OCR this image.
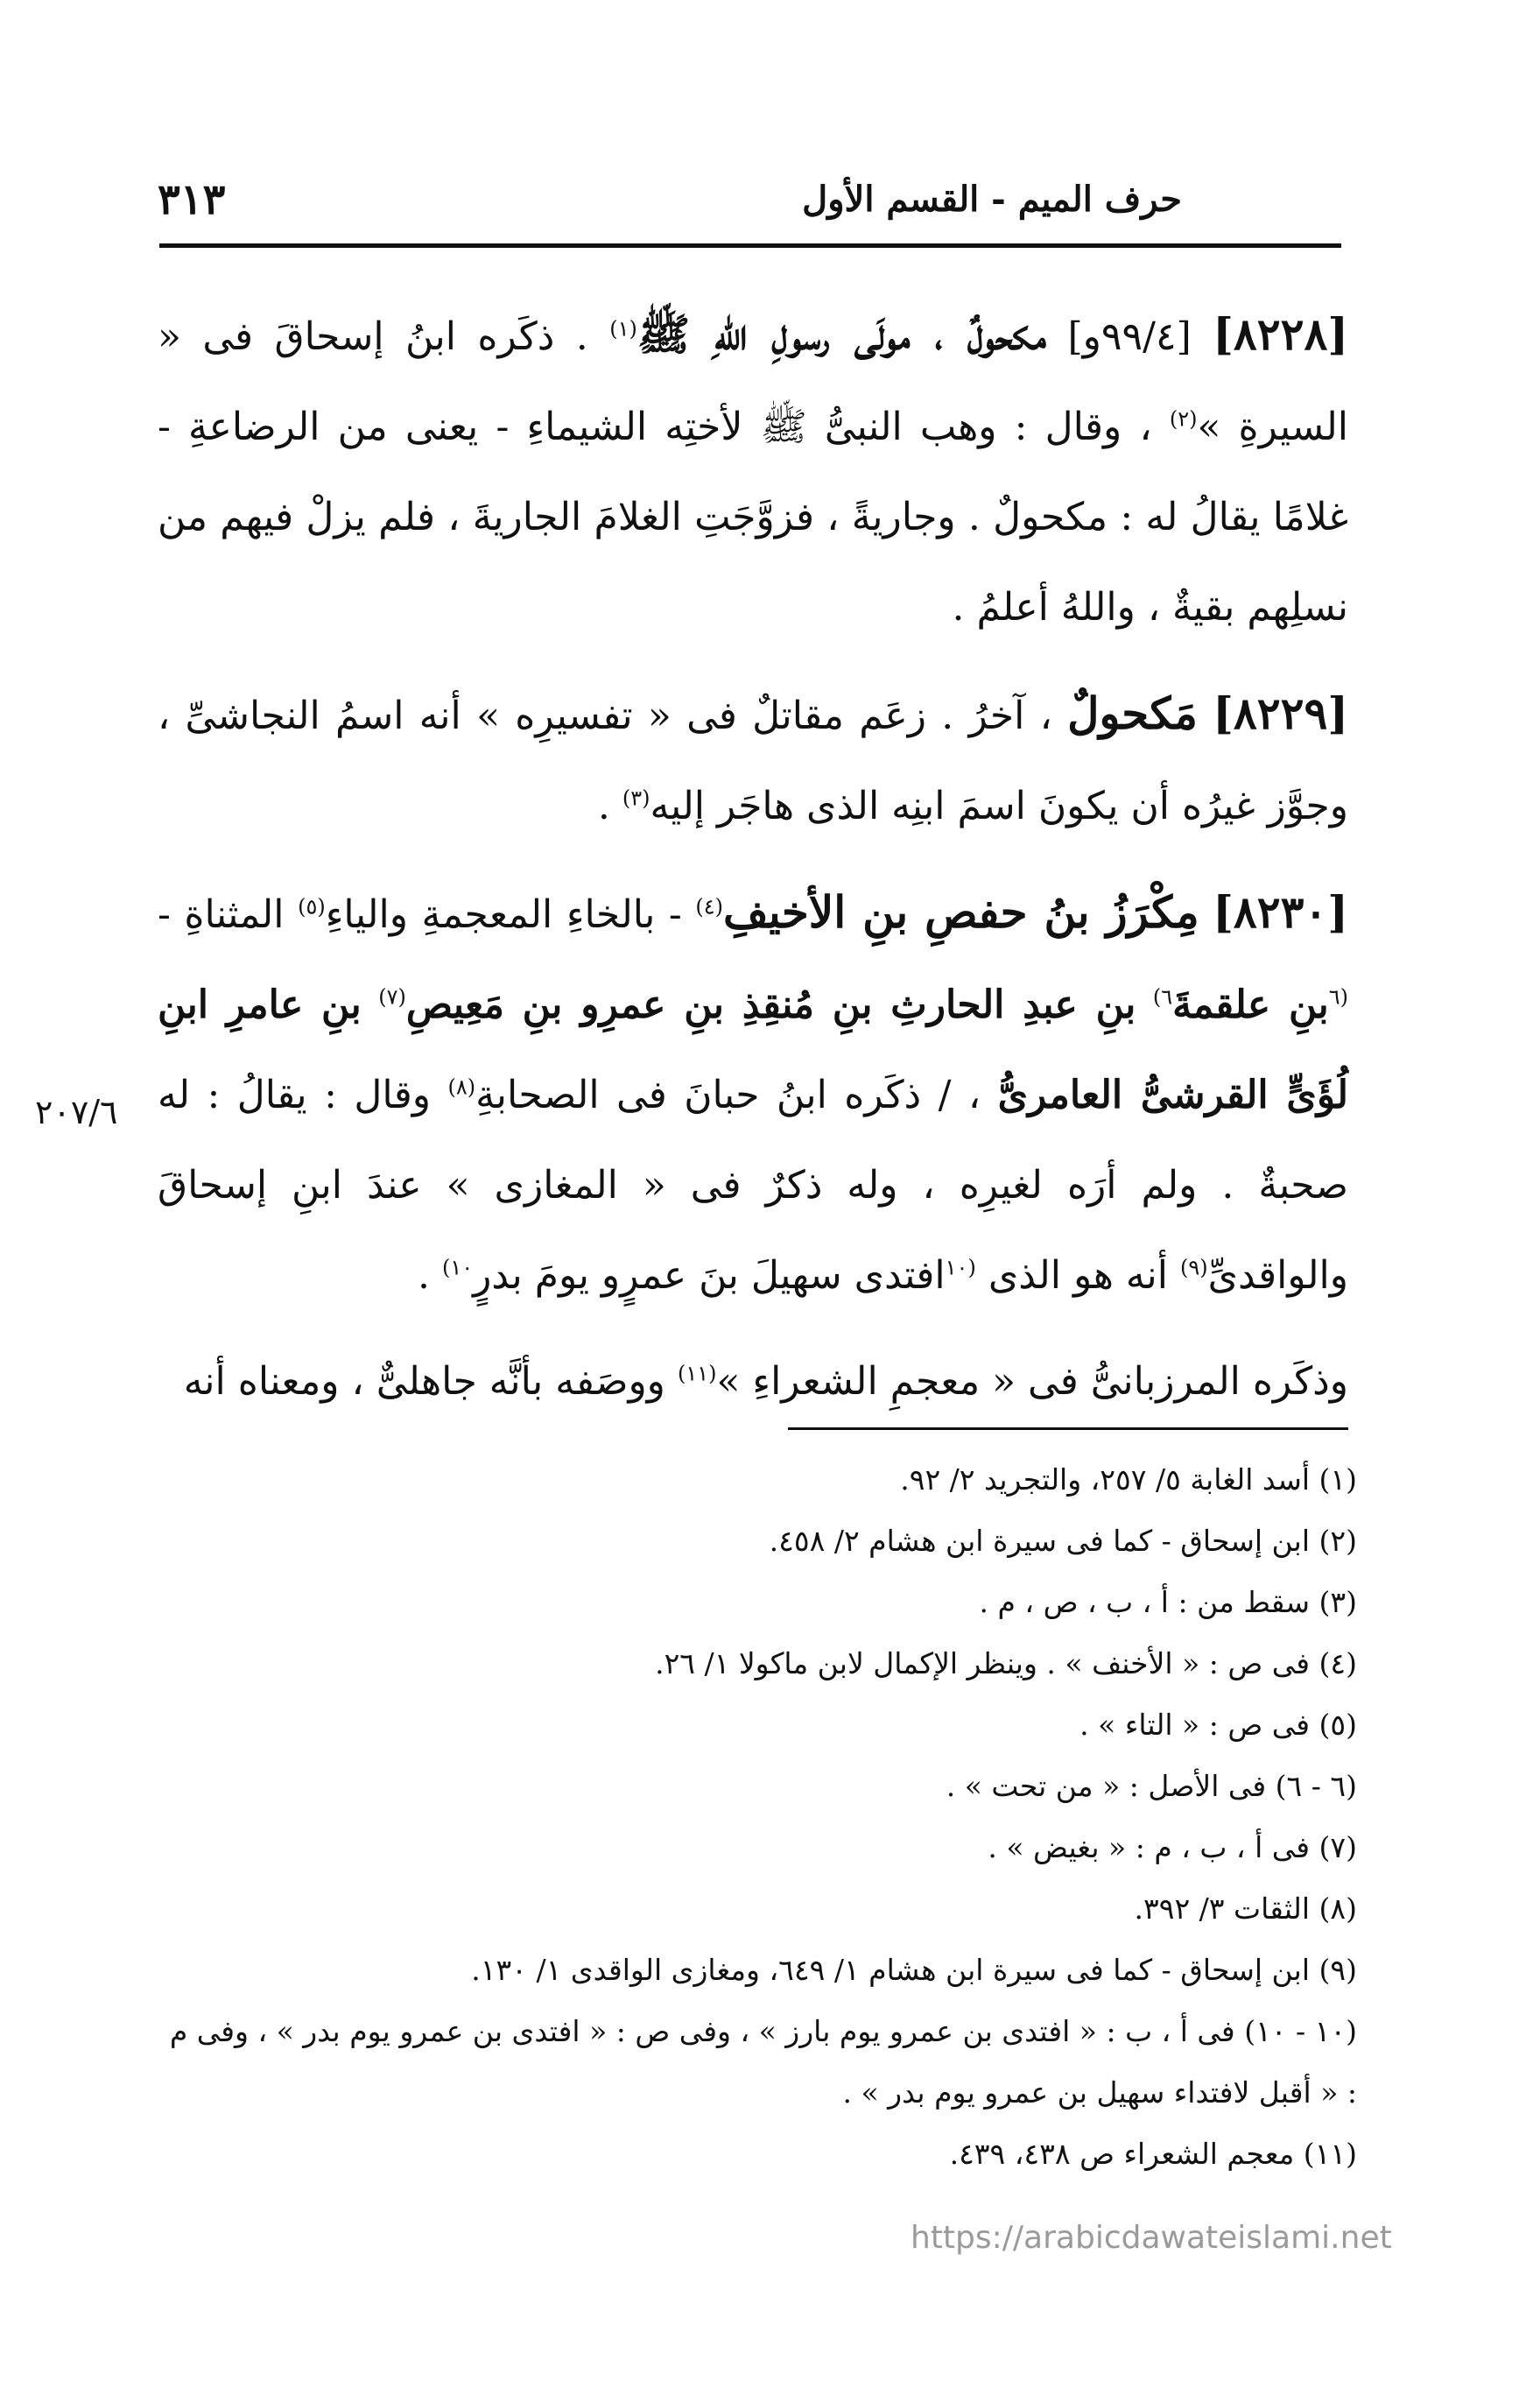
٣١٣	حرف الميم - القسم الأول

[٨٢٢٨] [٩٩/٤و] مكحولٌ ، مولَى رسولِ اللهِ ﷺ$^{(١)}$ . ذكَره ابنُ إسحاقَ فى « السيرةِ »$^{(٢)}$ ، وقال : وهب النبىُّ ﷺ لأختِه الشيماءِ - يعنى من الرضاعةِ - غلامًا يقالُ له : مكحولٌ . وجاريةً ، فزوَّجَتِ الغلامَ الجاريةَ ، فلم يزلْ فيهم من نسلِهم بقيةٌ ، واللهُ أعلمُ .

[٨٢٢٩] مَكحولٌ ، آخرُ . زعَم مقاتلٌ فى « تفسيرِه » أنه اسمُ النجاشىِّ ، وجوَّز غيرُه أن يكونَ اسمَ ابنِه الذى هاجَر إليه$^{(٣)}$ .

[٨٢٣٠] مِكْرَزُ بنُ حفصِ بنِ الأخيفِ$^{(٤)}$ - بالخاءِ المعجمةِ والياءِ$^{(٥)}$ المثناةِ - $^{(٦}$بنِ علقمةَ$^{٦)}$ بنِ عبدِ الحارثِ بنِ مُنقِذِ بنِ عمرِو بنِ مَعِيصِ$^{(٧)}$ بنِ عامرِ ابنِ لُؤَىٍّ القرشىُّ العامرىُّ ، / ذكَره ابنُ حبانَ فى الصحابةِ$^{(٨)}$ وقال : يقالُ : له صحبةٌ . ولم أرَه لغيرِه ، وله ذكرٌ فى « المغازى » عندَ ابنِ إسحاقَ والواقدىِّ$^{(٩)}$ أنه هو الذى $^{(١٠}$افتدى سهيلَ بنَ عمرٍو يومَ بدرٍ$^{١٠)}$ .

وذكَره المرزبانىُّ فى « معجمِ الشعراءِ »$^{(١١)}$ ووصَفه بأنَّه جاهلىٌّ ، ومعناه أنه

٢٠٧/٦

(١) أسد الغابة ٥/ ٢٥٧، والتجريد ٢/ ٩٢.

(٢) ابن إسحاق - كما فى سيرة ابن هشام ٢/ ٤٥٨.

(٣) سقط من : أ ، ب ، ص ، م .

(٤) فى ص : « الأخنف » . وينظر الإكمال لابن ماكولا ١/ ٢٦.

(٥) فى ص : « التاء » .

(٦ - ٦) فى الأصل : « من تحت » .

(٧) فى أ ، ب ، م : « بغيض » .

(٨) الثقات ٣/ ٣٩٢.

(٩) ابن إسحاق - كما فى سيرة ابن هشام ١/ ٦٤٩، ومغازى الواقدى ١/ ١٣٠.

(١٠ - ١٠) فى أ ، ب : « افتدى بن عمرو يوم بارز » ، وفى ص : « افتدى بن عمرو يوم بدر » ، وفى م : « أقبل لافتداء سهيل بن عمرو يوم بدر » .

(١١) معجم الشعراء ص ٤٣٨، ٤٣٩.

https://arabicdawateislami.net
